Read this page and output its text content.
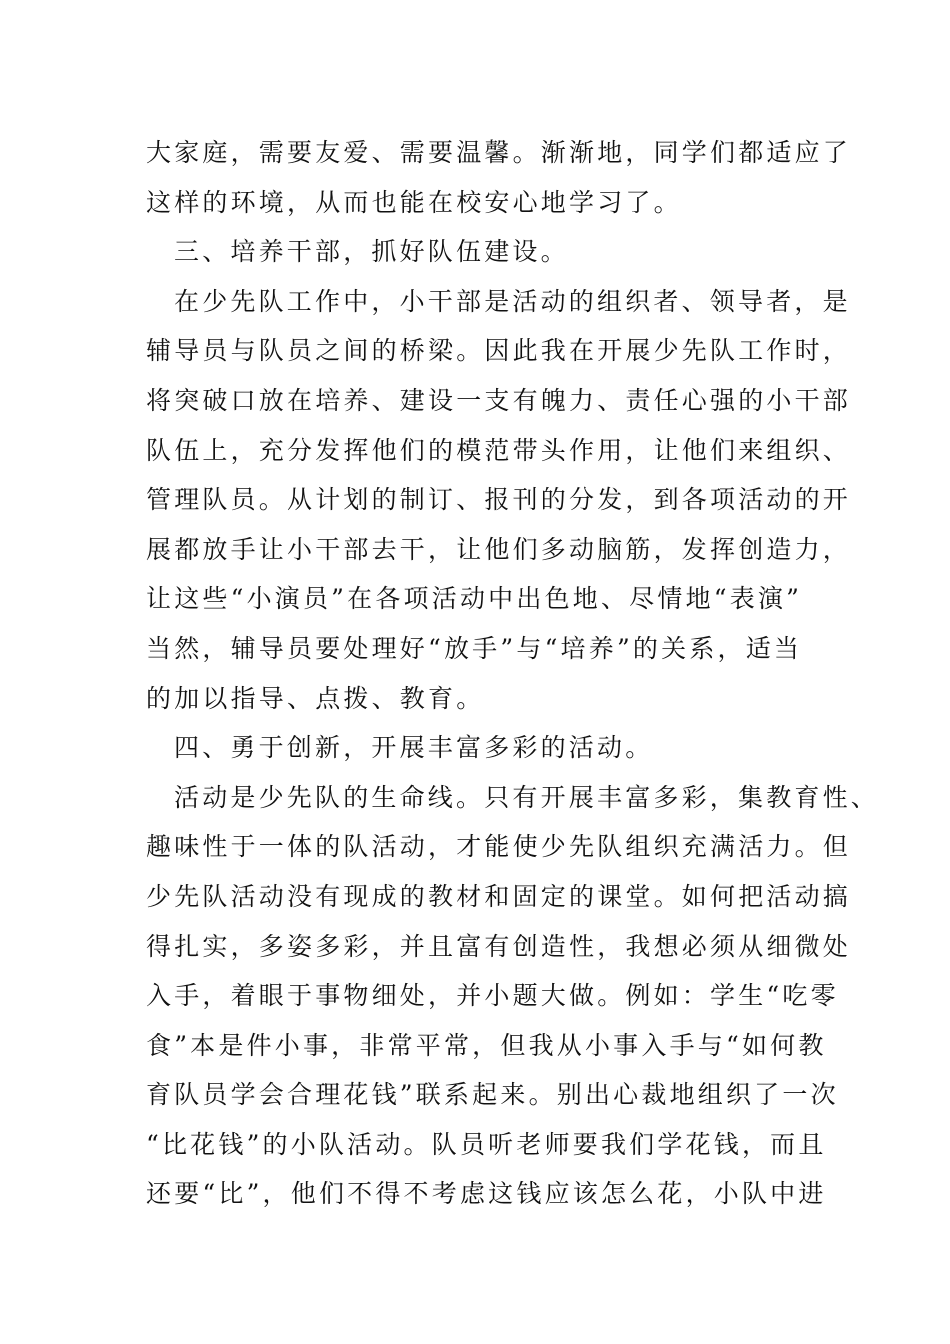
大家庭，需要友爱、需要温馨。渐渐地，同学们都适应了
这样的环境，从而也能在校安心地学习了。
三、培养干部，抓好队伍建设。
在少先队工作中，小干部是活动的组织者、领导者，是
辅导员与队员之间的桥梁。因此我在开展少先队工作时，
将突破口放在培养、建设一支有魄力、责任心强的小干部
队伍上，充分发挥他们的模范带头作用，让他们来组织、
管理队员。从计划的制订、报刊的分发，到各项活动的开
展都放手让小干部去干，让他们多动脑筋，发挥创造力，
让这些“小演员”在各项活动中出色地、尽情地“表演”
当然，辅导员要处理好“放手”与“培养”的关系，适当
的加以指导、点拨、教育。
四、勇于创新，开展丰富多彩的活动。
活动是少先队的生命线。只有开展丰富多彩，集教育性、
趣味性于一体的队活动，才能使少先队组织充满活力。但
少先队活动没有现成的教材和固定的课堂。如何把活动搞
得扎实，多姿多彩，并且富有创造性，我想必须从细微处
入手，着眼于事物细处，并小题大做。例如：学生“吃零
食”本是件小事，非常平常，但我从小事入手与“如何教
育队员学会合理花钱”联系起来。别出心裁地组织了一次
“比花钱”的小队活动。队员听老师要我们学花钱，而且
还要“比”，他们不得不考虑这钱应该怎么花，小队中进
